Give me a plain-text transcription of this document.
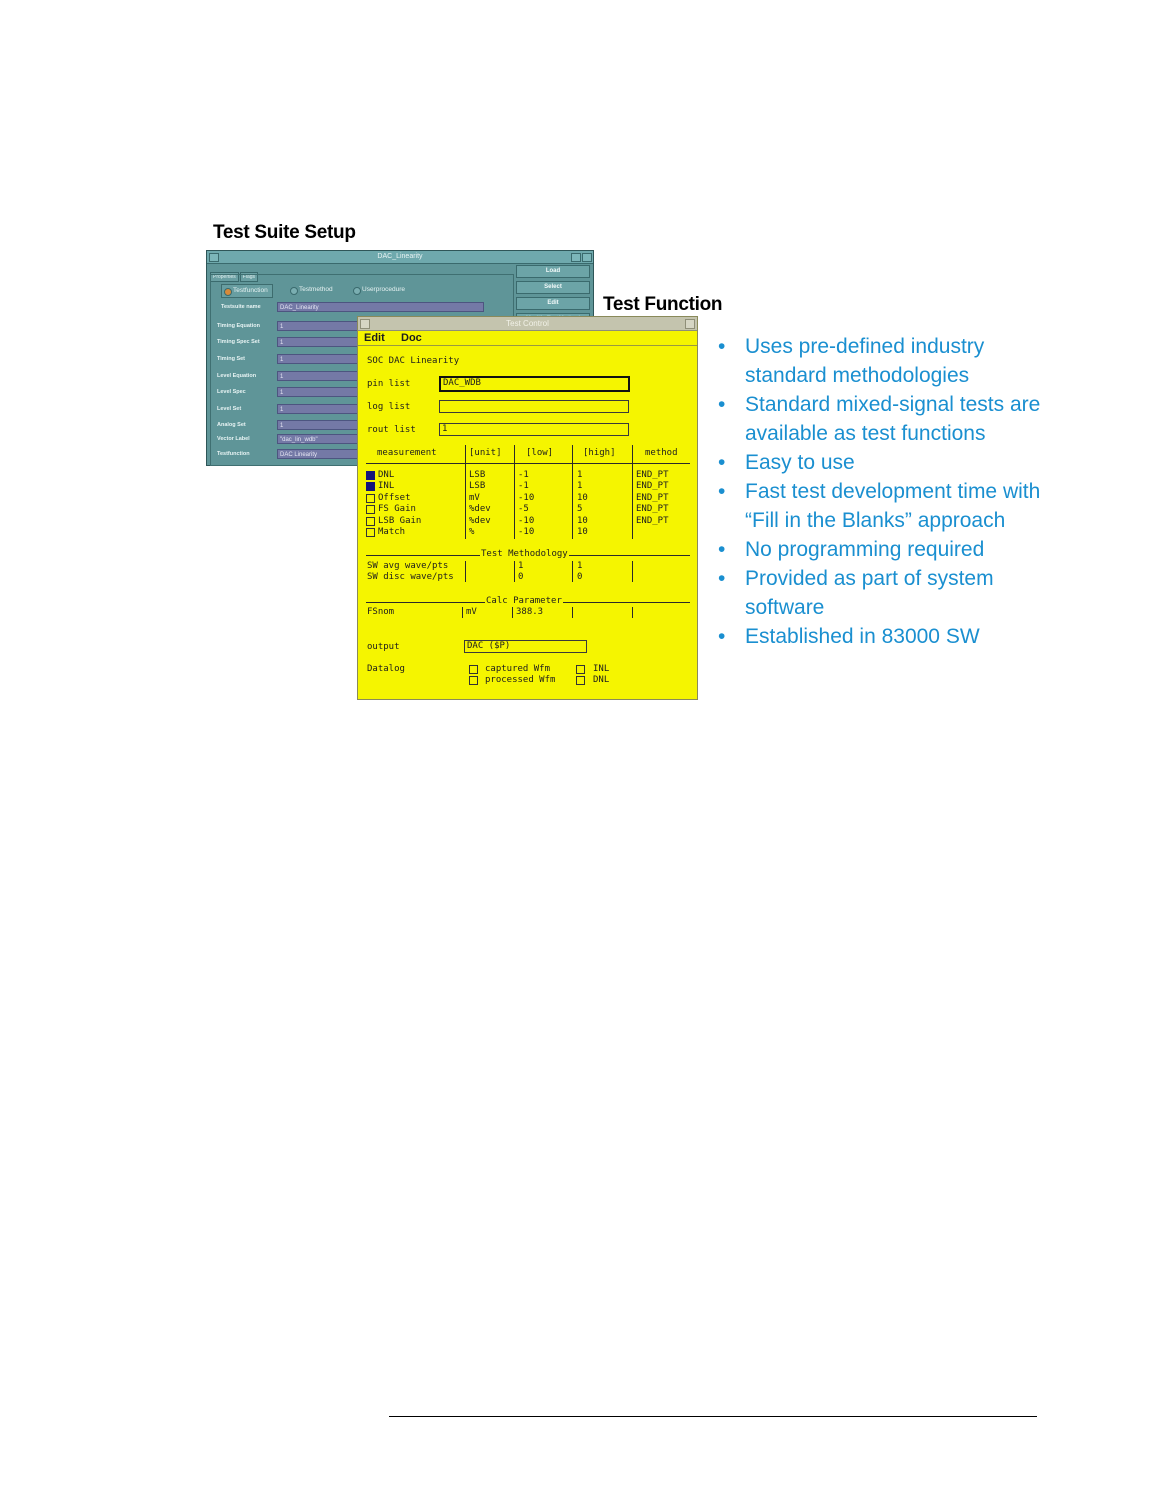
Test Suite Setup
Test Function
DAC_Linearity
Properties Flags
Testfunction	Testmethod	Userprocedure
Testsuite name	DAC_Linearity
Timing Equation	1
Timing Spec Set	1
Timing Set	1
Level Equation	1
Level Spec	1
Level Set	1
Analog Set	1
Vector Label	"dac_lin_wdb"
Testfunction	DAC Linearity
Load
Select
Edit
Test Control
Edit Doc
SOC DAC Linearity
pin list	DAC_WDB
log list
rout list	1
measurement	[unit]	[low]	[high]	method
DNL	LSB	-1	1	END_PT
INL	LSB	-1	1	END_PT
Offset	mV	-10	10	END_PT
FS Gain	%dev	-5	5	END_PT
LSB Gain	%dev	-10	10	END_PT
Match	%	-10	10
Test Methodology
SW avg wave/pts	1	1
SW disc wave/pts	0	0
Calc Parameter
FSnom	mV	388.3
output	DAC ($P)
Datalog	captured Wfm
processed Wfm
INL
DNL
• Uses pre-defined industry standard methodologies
• Standard mixed-signal tests are available as test functions
• Easy to use
• Fast test development time with “Fill in the Blanks” approach
• No programming required
• Provided as part of system software
• Established in 83000 SW
